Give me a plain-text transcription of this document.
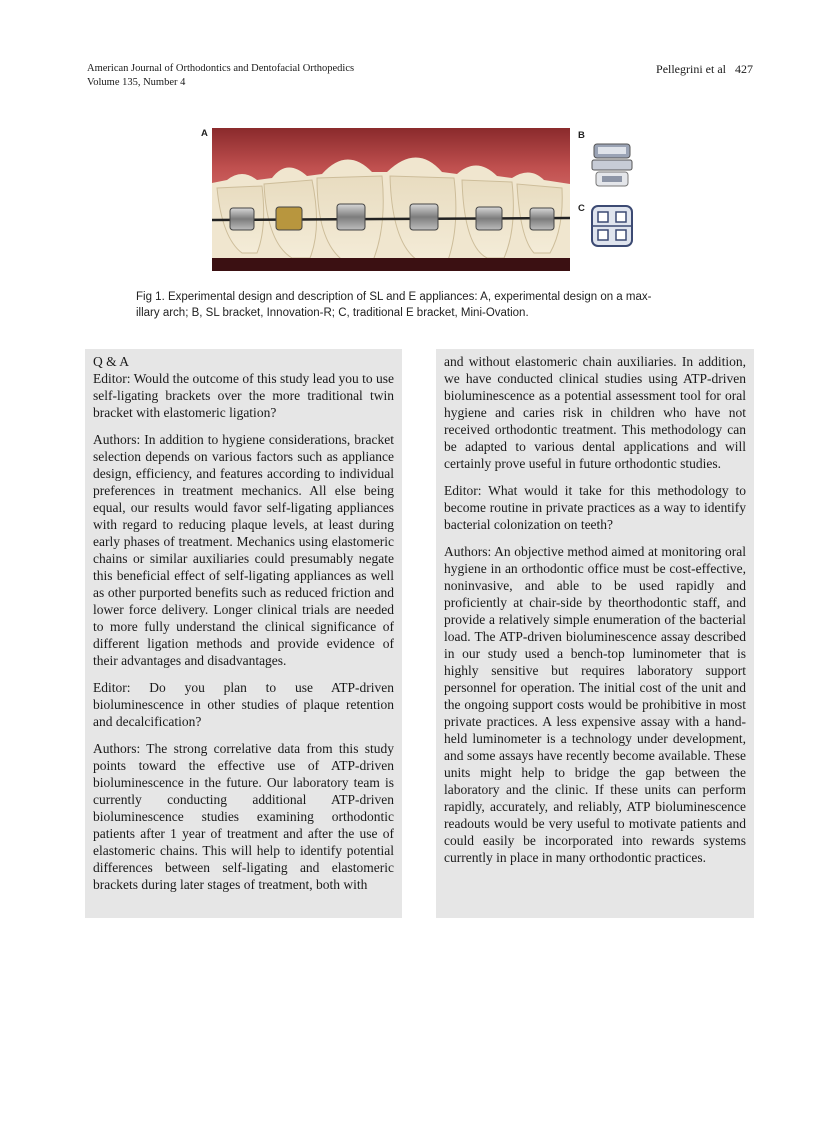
American Journal of Orthodontics and Dentofacial Orthopedics
Volume 135, Number 4
Pellegrini et al   427
A	B
C
Fig 1. Experimental design and description of SL and E appliances: A, experimental design on a max-
illary arch; B, SL bracket, Innovation-R; C, traditional E bracket, Mini-Ovation.

Q & A

Editor: Would the outcome of this study lead you to use self-ligating brackets over the more traditional twin bracket with elastomeric ligation?

Authors: In addition to hygiene considerations, bracket selection depends on various factors such as appliance design, efficiency, and features according to individual preferences in treatment mechanics. All else being equal, our results would favor self-ligating appliances with regard to reducing plaque levels, at least during early phases of treatment. Mechanics using elastomeric chains or similar auxiliaries could presumably negate this beneficial effect of self-ligating appliances as well as other purported benefits such as reduced friction and lower force delivery. Longer clinical trials are needed to more fully understand the clinical significance of different ligation methods and provide evidence of their advantages and disadvantages.

Editor: Do you plan to use ATP-driven bioluminescence in other studies of plaque retention and decalcification?

Authors: The strong correlative data from this study points toward the effective use of ATP-driven bioluminescence in the future. Our laboratory team is currently conducting additional ATP-driven bioluminescence studies examining orthodontic patients after 1 year of treatment and after the use of elastomeric chains. This will help to identify potential differences between self-ligating and elastomeric brackets during later stages of treatment, both with

and without elastomeric chain auxiliaries. In addition, we have conducted clinical studies using ATP-driven bioluminescence as a potential assessment tool for oral hygiene and caries risk in children who have not received orthodontic treatment. This methodology can be adapted to various dental applications and will certainly prove useful in future orthodontic studies.

Editor: What would it take for this methodology to become routine in private practices as a way to identify bacterial colonization on teeth?

Authors: An objective method aimed at monitoring oral hygiene in an orthodontic office must be cost-effective, noninvasive, and able to be used rapidly and proficiently at chair-side by theorthodontic staff, and provide a relatively simple enumeration of the bacterial load. The ATP-driven bioluminescence assay described in our study used a bench-top luminometer that is highly sensitive but requires laboratory support personnel for operation. The initial cost of the unit and the ongoing support costs would be prohibitive in most private practices. A less expensive assay with a hand-held luminometer is a technology under development, and some assays have recently become available. These units might help to bridge the gap between the laboratory and the clinic. If these units can perform rapidly, accurately, and reliably, ATP bioluminescence readouts would be very useful to motivate patients and could easily be incorporated into rewards systems currently in place in many orthodontic practices.
